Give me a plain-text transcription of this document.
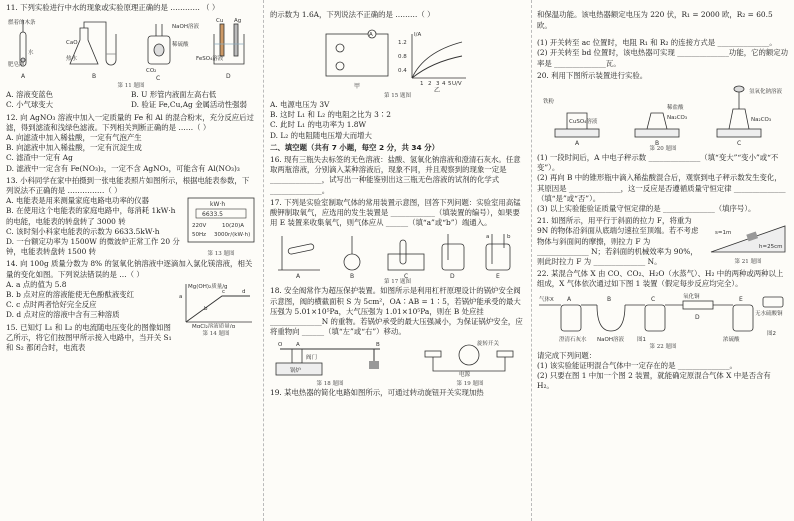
11. 下列实验进行中水的现象或实验原理正确的是 ………… （ ）

燃着的木条
水
肥皂泡
A
CaO
热水
B
NaOH溶液
稀硫酸
CO₂
C
Cu Ag
FeSO₄溶液
D
第 11 题图

A. 溶液变蓝色	B. U 形管内液面左高右低

C. 小气球变大	D. 验证 Fe,Cu,Ag 金属活动性强弱

12. 向 AgNO₃ 溶液中加入一定质量的 Fe 和 Al 的混合粉末，充分反应后过滤，得到滤渣和浅绿色滤液。下列相关判断正确的是 ……（ ）

A. 向滤渣中加入稀盐酸，一定有气泡产生

B. 向滤液中加入稀盐酸，一定有沉淀生成

C. 滤渣中一定有 Ag

D. 滤液中一定含有 Fe(NO₃)₂，一定不含 AgNO₃，可能含有 Al(NO₃)₃

13. 小科同学在家中拍摄到一张电能表照片如图所示，根据电能表参数，下列说法不正确的是 ……………（ ）

kW·h
6633.5
220V	10(20)A
50Hz 3000r/(kW·h)
第 13 题图

A. 电能表是用来测量家庭电路电功率的仪器

B. 在使用这个电能表的家庭电路中，每消耗 1kW·h 的电能，电能表的转盘转了 3000 转

C. 该时刻小科家电能表的示数为 6633.5kW·h

D. 一台额定功率为 1500W 的微波炉正常工作 20 分钟，电能表转盘转 1500 转

14. 向 100g 质量分数为 8% 的氢氧化钠溶液中逐滴加入氯化镁溶液，相关量的变化如图。下列说法错误的是 …（ ）

Mg(OH)₂质量/g
MgCl₂溶液质量/g
a
b
c	d
第 14 题图

A. a 点的值为 5.8

B. b 点对应的溶液能使无色酚酞液变红

C. c 点时两者恰好完全反应

D. d 点对应的溶液中含有三种溶质

15. 已知灯 L₁ 和 L₂ 的电流随电压变化的图像如图乙所示，将它们按图甲所示接入电路中，当开关 S₁ 和 S₂ 都闭合时，电流表

的示数为 1.6A，下列说法不正确的是 ………（ ）

A
甲
I/A
U/V
1.2
0.8
0.4
1 2 3 4 5
乙
第 15 题图

A. 电源电压为 3V

B. 这时 L₁ 和 L₂ 的电阻之比为 3∶2

C. 此时 L₁ 的电功率为 1.8W

D. L₂ 的电阻随电压增大而增大

二、填空题（共有 7 小题，每空 2 分，共 34 分）

16. 现有三瓶失去标签的无色溶液：盐酸、氢氧化钠溶液和澄清石灰水。任意取两瓶溶液，分别滴入某种溶液后，现象不同，并且观察到的现象一定是 ______________，试写出一种能鉴别出这三瓶无色溶液的试剂的化学式 ______________。

17. 下列是实验室制取气体的常用装置示意图，回答下列问题：实验室用高锰酸钾制取氧气，应选用的发生装置是 ____________（填装置的编号），如果要用 E 装置来收集氧气，则气体应从 ______（填“a”或“b”）端通入。

A	B	C	D	E
a	b
第 17 题图

18. 安全阀常作为超压保护装置。如图所示是利用杠杆原理设计的锅炉安全阀示意图，阀的横截面积 S 为 5cm²，OA∶AB = 1∶5，若锅炉能承受的最大压强为 5.01×10⁵Pa，大气压强为 1.01×10⁵Pa，则在 B 处应挂 ______________N 的重物。若锅炉承受的最大压强减小，为保证锅炉安全，应将重物向 ______（填“左”或“右”）移动。

O A	B
阀门
锅炉
第 18 题图
旋转开关
电源
第 19 题图

19. 某电热器的简化电路如图所示，可通过转动旋钮开关实现加热

和保温功能。该电热器额定电压为 220 伏，R₁ = 2000 欧，R₂ = 60.5 欧。

(1) 开关转至 ac 位置时，电阻 R₁ 和 R₂ 的连接方式是 ______________。

(2) 开关转至 bd 位置时，该电热器可实现 ______________功能，它的额定功率是 ______________瓦。

20. 利用下图所示装置进行实验。

铁粉
CuSO₄溶液
稀盐酸
Na₂CO₃
氢氧化钠溶液
Na₂CO₃
A	B	C
第 20 题图

(1) 一段时间后，A 中电子秤示数 ______________（填“变大”“变小”或“不变”）。

(2) 再向 B 中的锥形瓶中滴入稀盐酸混合后，观察到电子秤示数发生变化，其原因是 ______________，这一反应是否遵循质量守恒定律 ______________（填“是”或“否”）。

(3) 以上实验能验证质量守恒定律的是 ______________（填序号）。

s=1m
h=25cm
第 21 题图

21. 如图所示，用平行于斜面的拉力 F，将重为 9N 的物体沿斜面从底端匀速拉至顶端。若不考虑物体与斜面间的摩擦，则拉力 F 为 ______________ N；若斜面的机械效率为 90%，则此时拉力 F 为 ______________ N。

22. 某混合气体 X 由 CO、CO₂、H₂O（水蒸气）、H₂ 中的两种或两种以上组成，X 气体依次通过如下图 1 装置（假定每步反应均完全）。

气体X
澄清石灰水 NaOH溶液
氧化铜
浓硫酸
无水硫酸铜
A	B	C
D
E
图1
图2
第 22 题图

请完成下列问题：

(1) 该实验能证明混合气体中一定存在的是 ______________。

(2) 只要在图 1 中加一个图 2 装置，就能确定原混合气体 X 中是否含有 H₂。
